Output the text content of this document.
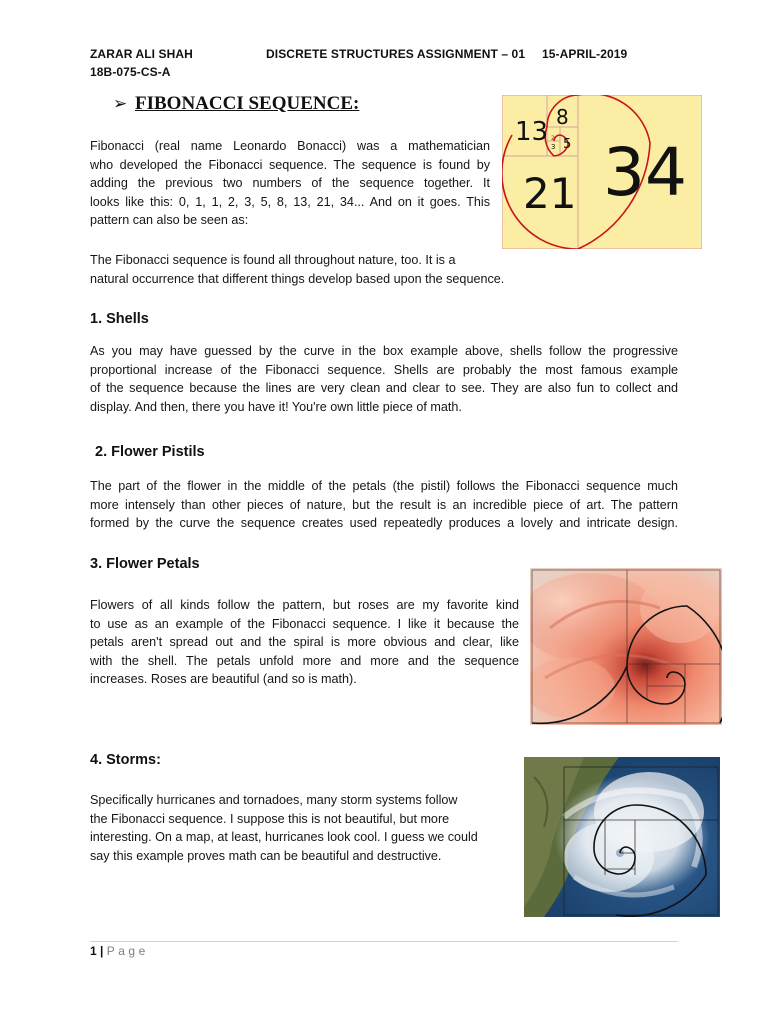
ZARAR ALI SHAH	DISCRETE STRUCTURES ASSIGNMENT – 01 15-APRIL-2019
18B-075-CS-A
➢ FIBONACCI SEQUENCE:
Fibonacci (real name Leonardo Bonacci) was a mathematician
who developed the Fibonacci sequence. The sequence is found by
adding the previous two numbers of the sequence together. It
looks like this: 0, 1, 1, 2, 3, 5, 8, 13, 21, 34... And on it goes. This
pattern can also be seen as:
13 8
5
2
3
21 34
The Fibonacci sequence is found all throughout nature, too. It is a
natural occurrence that different things develop based upon the sequence.
1. Shells
As you may have guessed by the curve in the box example above, shells follow the progressive
proportional increase of the Fibonacci sequence. Shells are probably the most famous example
of the sequence because the lines are very clean and clear to see. They are also fun to collect and
display. And then, there you have it! You're own little piece of math.
2. Flower Pistils
The part of the flower in the middle of the petals (the pistil) follows the Fibonacci sequence much
more intensely than other pieces of nature, but the result is an incredible piece of art. The pattern
formed by the curve the sequence creates used repeatedly produces a lovely and intricate design.
3. Flower Petals
Flowers of all kinds follow the pattern, but roses are my favorite kind
to use as an example of the Fibonacci sequence. I like it because the
petals aren't spread out and the spiral is more obvious and clear, like
with the shell. The petals unfold more and more and the sequence
increases. Roses are beautiful (and so is math).
4. Storms:
Specifically hurricanes and tornadoes, many storm systems follow
the Fibonacci sequence. I suppose this is not beautiful, but more
interesting. On a map, at least, hurricanes look cool. I guess we could
say this example proves math can be beautiful and destructive.
1 | Page
